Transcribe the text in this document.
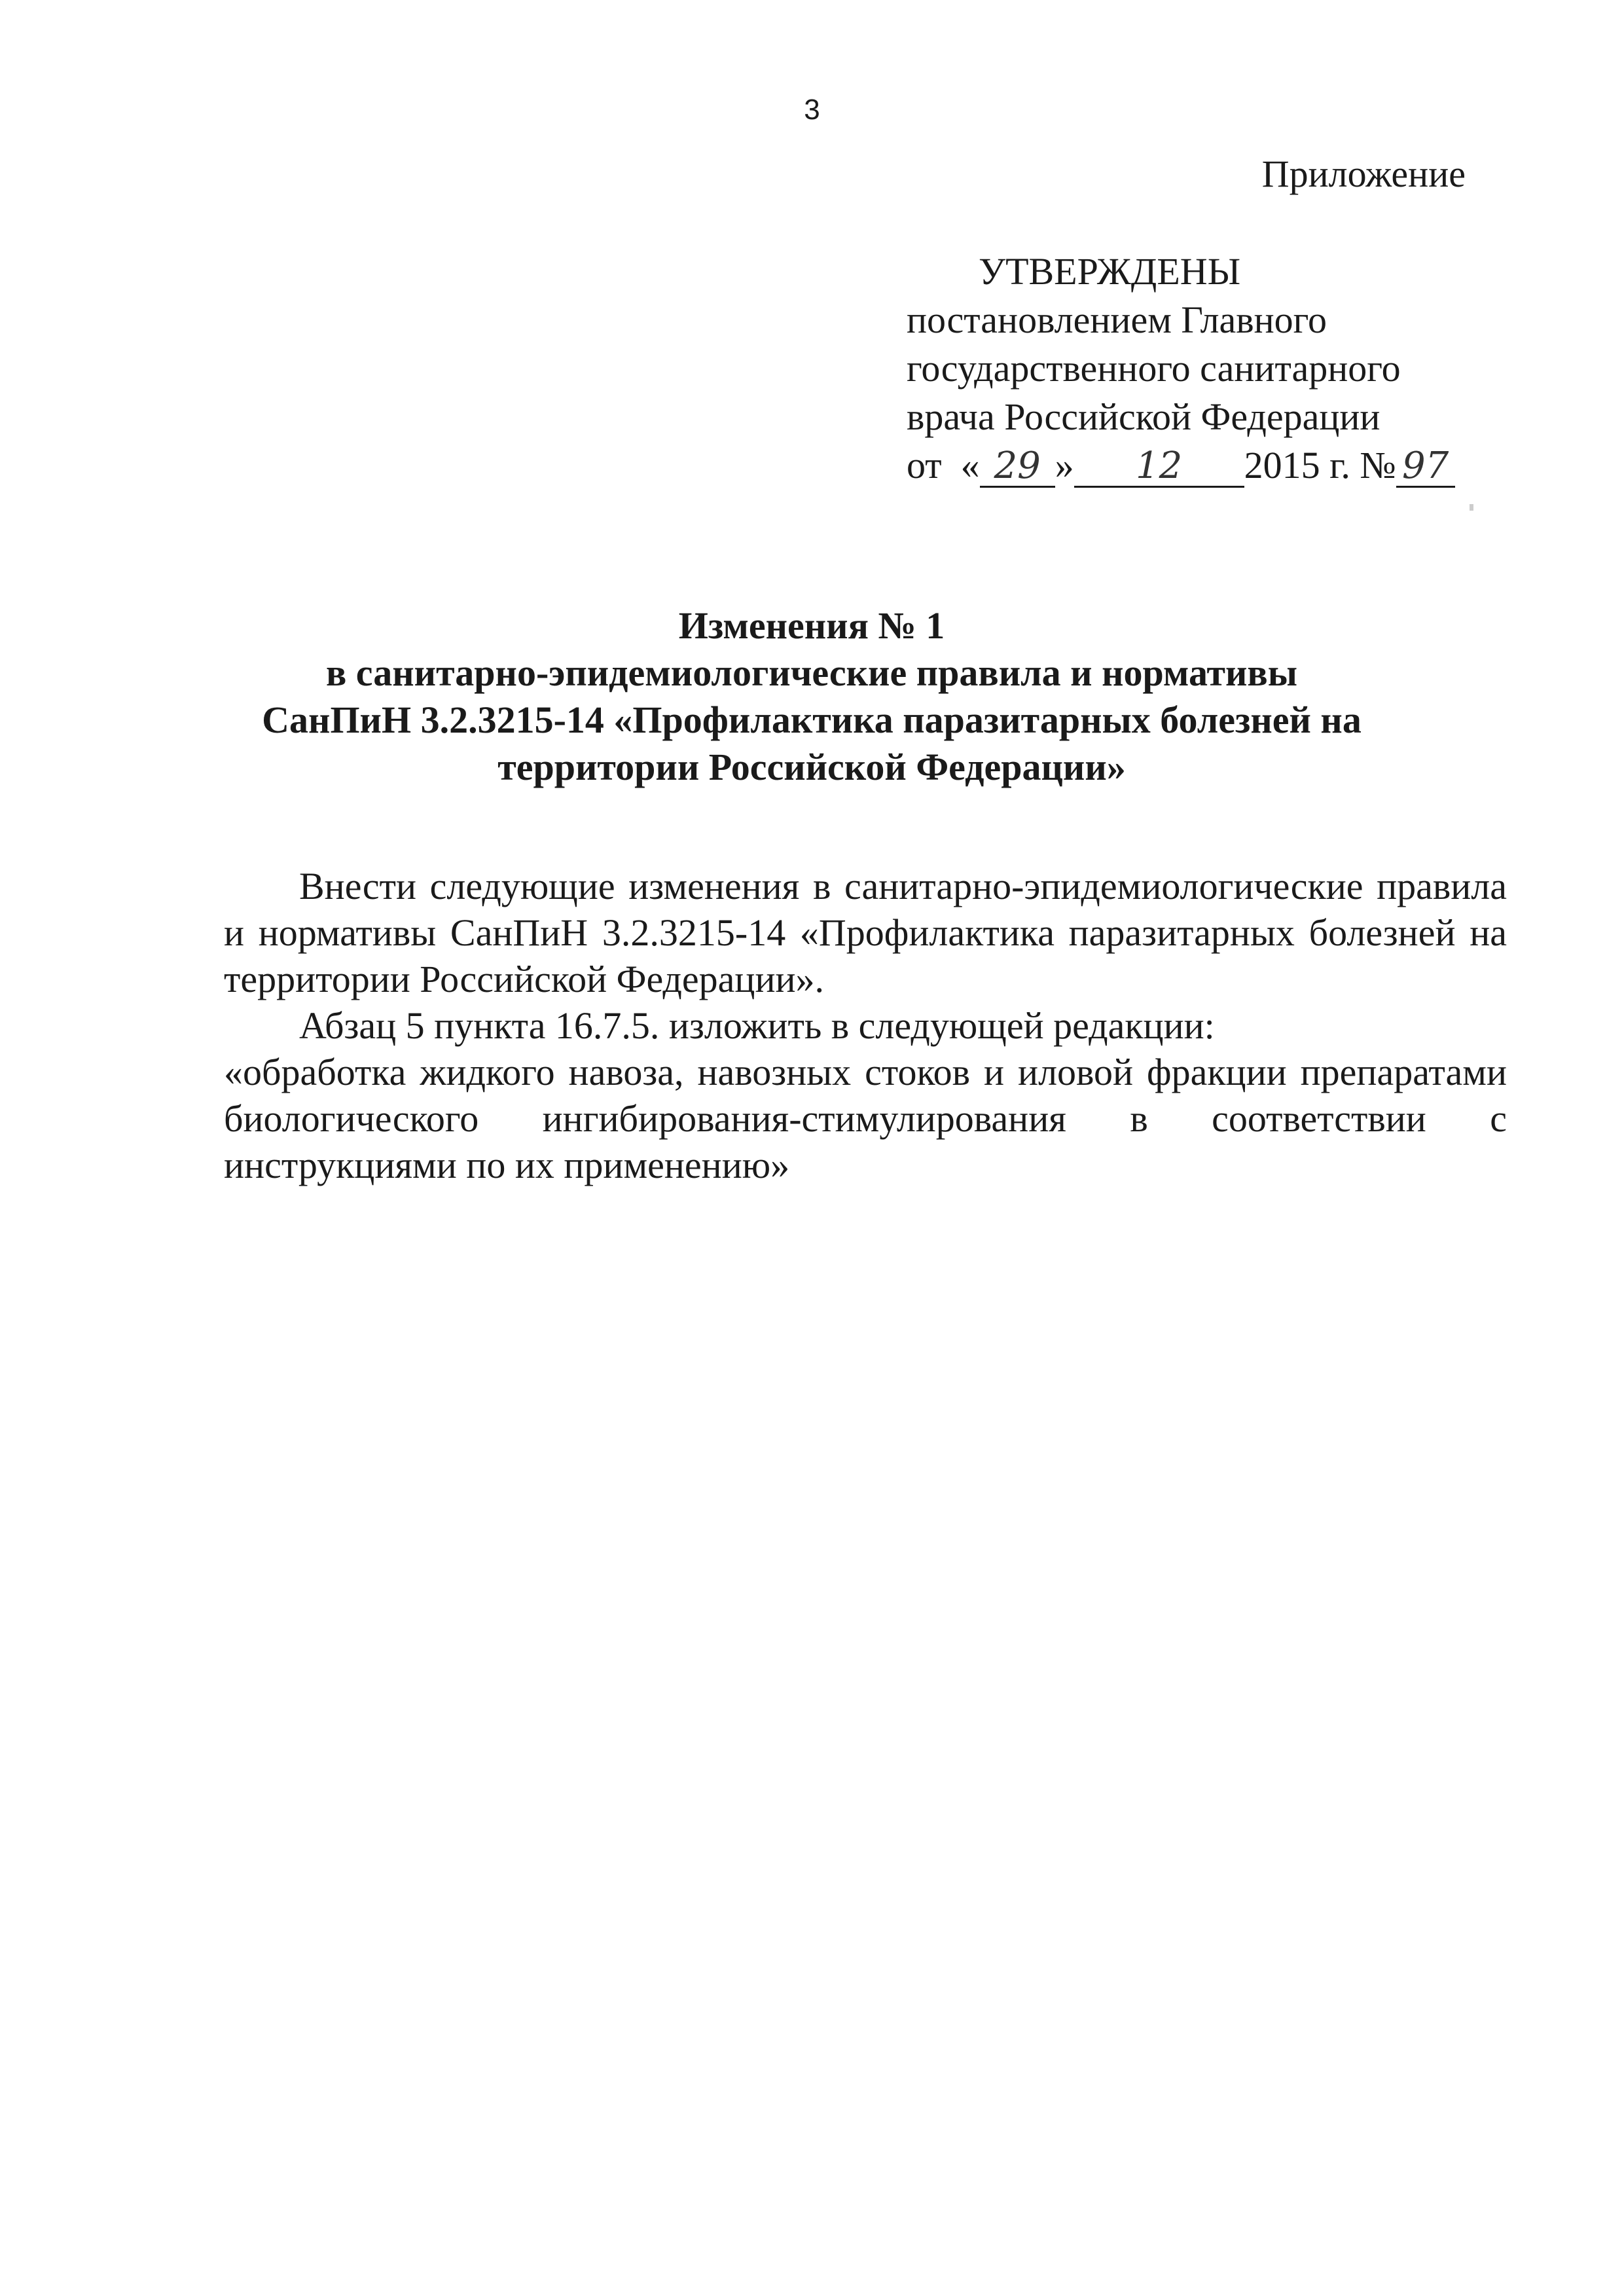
3
Приложение
УТВЕРЖДЕНЫ
постановлением Главного
государственного санитарного
врача Российской Федерации
от « 29 » 12 2015 г. № 97
Изменения № 1
в санитарно-эпидемиологические правила и нормативы
СанПиН 3.2.3215-14 «Профилактика паразитарных болезней на
территории Российской Федерации»

Внести следующие изменения в санитарно-эпидемиологические правила и нормативы СанПиН 3.2.3215-14 «Профилактика паразитарных болезней на территории Российской Федерации».

Абзац 5 пункта 16.7.5. изложить в следующей редакции:

«обработка жидкого навоза, навозных стоков и иловой фракции препаратами биологического ингибирования-стимулирования в соответствии с инструкциями по их применению»
